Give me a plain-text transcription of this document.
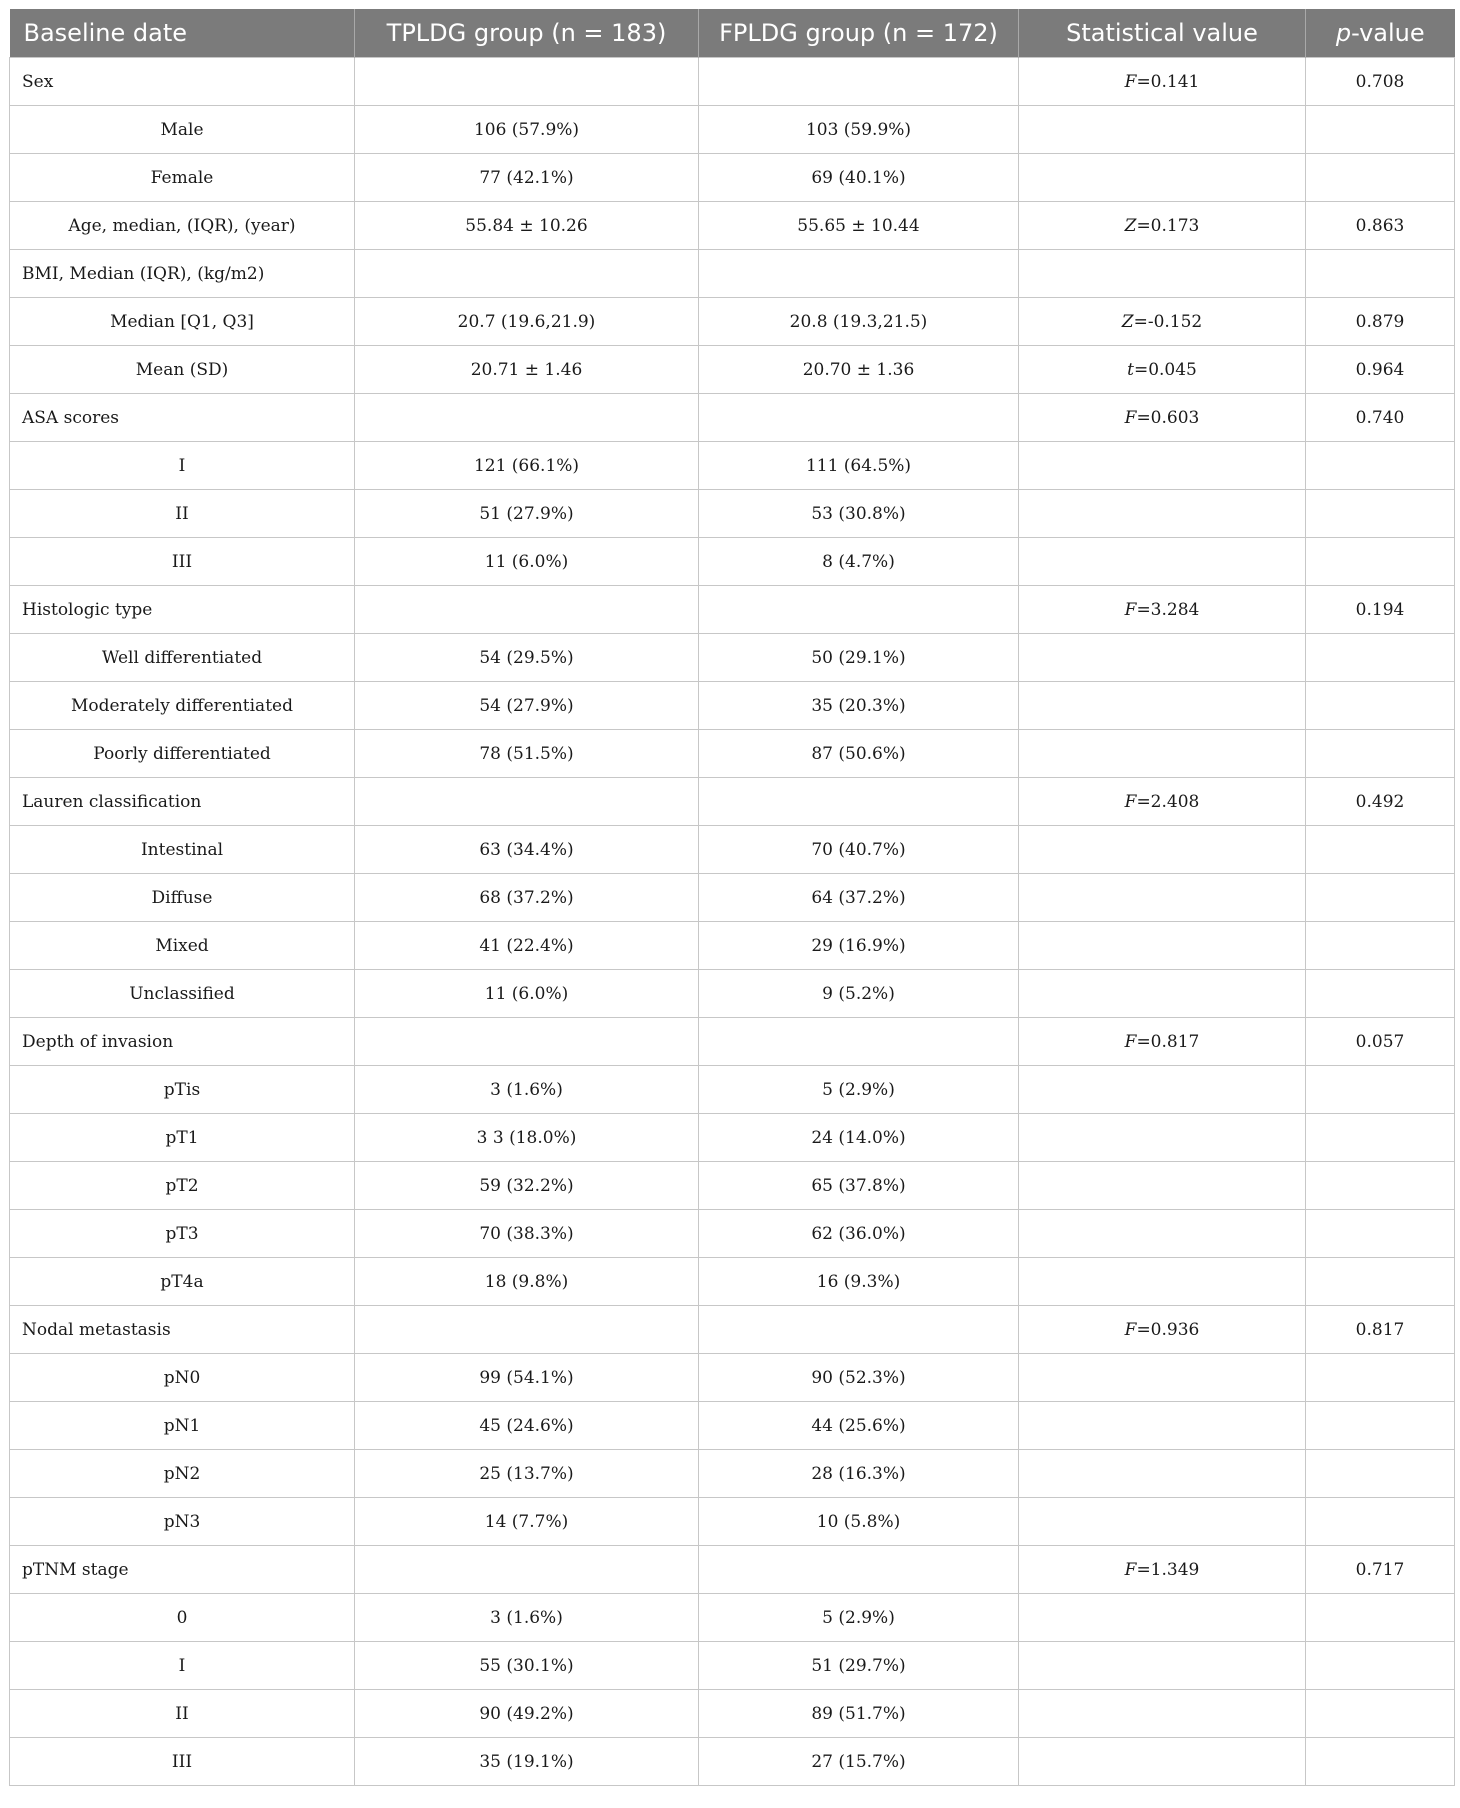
Baseline date	TPLDG group (n = 183)	FPLDG group (n = 172)	Statistical value	p-value
Sex			F=0.141	0.708
Male	106 (57.9%)	103 (59.9%)		
Female	77 (42.1%)	69 (40.1%)		
Age, median, (IQR), (year)	55.84 ± 10.26	55.65 ± 10.44	Z=0.173	0.863
BMI, Median (IQR), (kg/m2)				
Median [Q1, Q3]	20.7 (19.6,21.9)	20.8 (19.3,21.5)	Z=-0.152	0.879
Mean (SD)	20.71 ± 1.46	20.70 ± 1.36	t=0.045	0.964
ASA scores			F=0.603	0.740
I	121 (66.1%)	111 (64.5%)		
II	51 (27.9%)	53 (30.8%)		
III	11 (6.0%)	8 (4.7%)		
Histologic type			F=3.284	0.194
Well differentiated	54 (29.5%)	50 (29.1%)		
Moderately differentiated	54 (27.9%)	35 (20.3%)		
Poorly differentiated	78 (51.5%)	87 (50.6%)		
Lauren classification			F=2.408	0.492
Intestinal	63 (34.4%)	70 (40.7%)		
Diffuse	68 (37.2%)	64 (37.2%)		
Mixed	41 (22.4%)	29 (16.9%)		
Unclassified	11 (6.0%)	9 (5.2%)		
Depth of invasion			F=0.817	0.057
pTis	3 (1.6%)	5 (2.9%)		
pT1	3 3 (18.0%)	24 (14.0%)		
pT2	59 (32.2%)	65 (37.8%)		
pT3	70 (38.3%)	62 (36.0%)		
pT4a	18 (9.8%)	16 (9.3%)		
Nodal metastasis			F=0.936	0.817
pN0	99 (54.1%)	90 (52.3%)		
pN1	45 (24.6%)	44 (25.6%)		
pN2	25 (13.7%)	28 (16.3%)		
pN3	14 (7.7%)	10 (5.8%)		
pTNM stage			F=1.349	0.717
0	3 (1.6%)	5 (2.9%)		
I	55 (30.1%)	51 (29.7%)		
II	90 (49.2%)	89 (51.7%)		
III	35 (19.1%)	27 (15.7%)		
